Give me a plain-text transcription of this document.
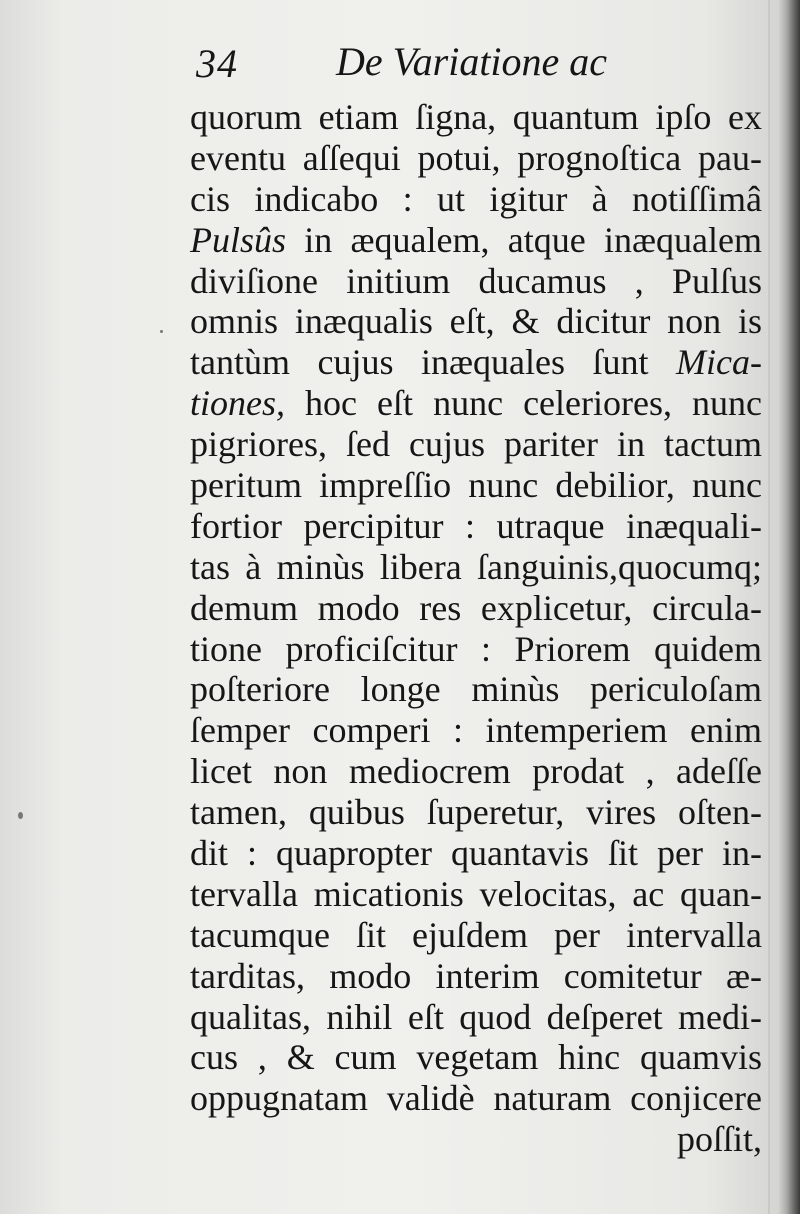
34 De Variatione ac
quorum etiam ſigna, quantum ipſo ex
eventu aſſequi potui, prognoſtica pau-
cis indicabo : ut igitur à notiſſimâ
Pulsûs in æqualem, atque inæqualem
diviſione initium ducamus , Pulſus
omnis inæqualis eſt, & dicitur non is
tantùm cujus inæquales ſunt Mica-
tiones, hoc eſt nunc celeriores, nunc
pigriores, ſed cujus pariter in tactum
peritum impreſſio nunc debilior, nunc
fortior percipitur : utraque inæquali-
tas à minùs libera ſanguinis,quocumq;
demum modo res explicetur, circula-
tione proficiſcitur : Priorem quidem
poſteriore longe minùs periculoſam
ſemper comperi : intemperiem enim
licet non mediocrem prodat , adeſſe
tamen, quibus ſuperetur, vires oſten-
dit : quapropter quantavis ſit per in-
tervalla micationis velocitas, ac quan-
tacumque ſit ejuſdem per intervalla
tarditas, modo interim comitetur æ-
qualitas, nihil eſt quod deſperet medi-
cus , & cum vegetam hinc quamvis
oppugnatam validè naturam conjicere
poſſit,
